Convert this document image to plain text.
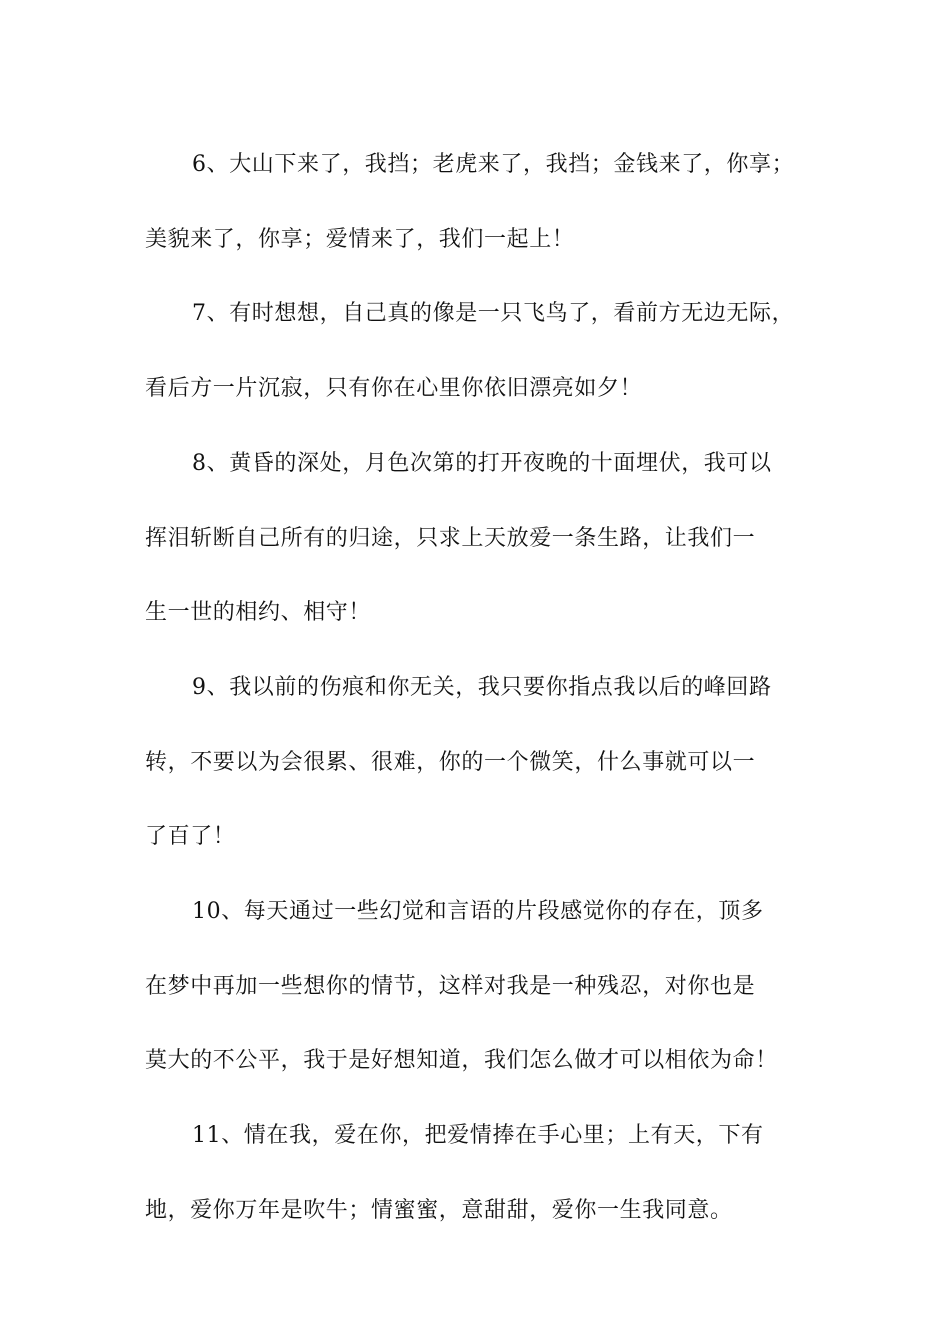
6、大山下来了，我挡；老虎来了，我挡；金钱来了，你享；
美貌来了，你享；爱情来了，我们一起上！

7、有时想想，自己真的像是一只飞鸟了，看前方无边无际，
看后方一片沉寂，只有你在心里你依旧漂亮如夕！

8、黄昏的深处，月色次第的打开夜晚的十面埋伏，我可以
挥泪斩断自己所有的归途，只求上天放爱一条生路，让我们一
生一世的相约、相守！

9、我以前的伤痕和你无关，我只要你指点我以后的峰回路
转，不要以为会很累、很难，你的一个微笑，什么事就可以一
了百了！

10、每天通过一些幻觉和言语的片段感觉你的存在，顶多
在梦中再加一些想你的情节，这样对我是一种残忍，对你也是
莫大的不公平，我于是好想知道，我们怎么做才可以相依为命！

11、情在我，爱在你，把爱情捧在手心里；上有天，下有
地，爱你万年是吹牛；情蜜蜜，意甜甜，爱你一生我同意。
